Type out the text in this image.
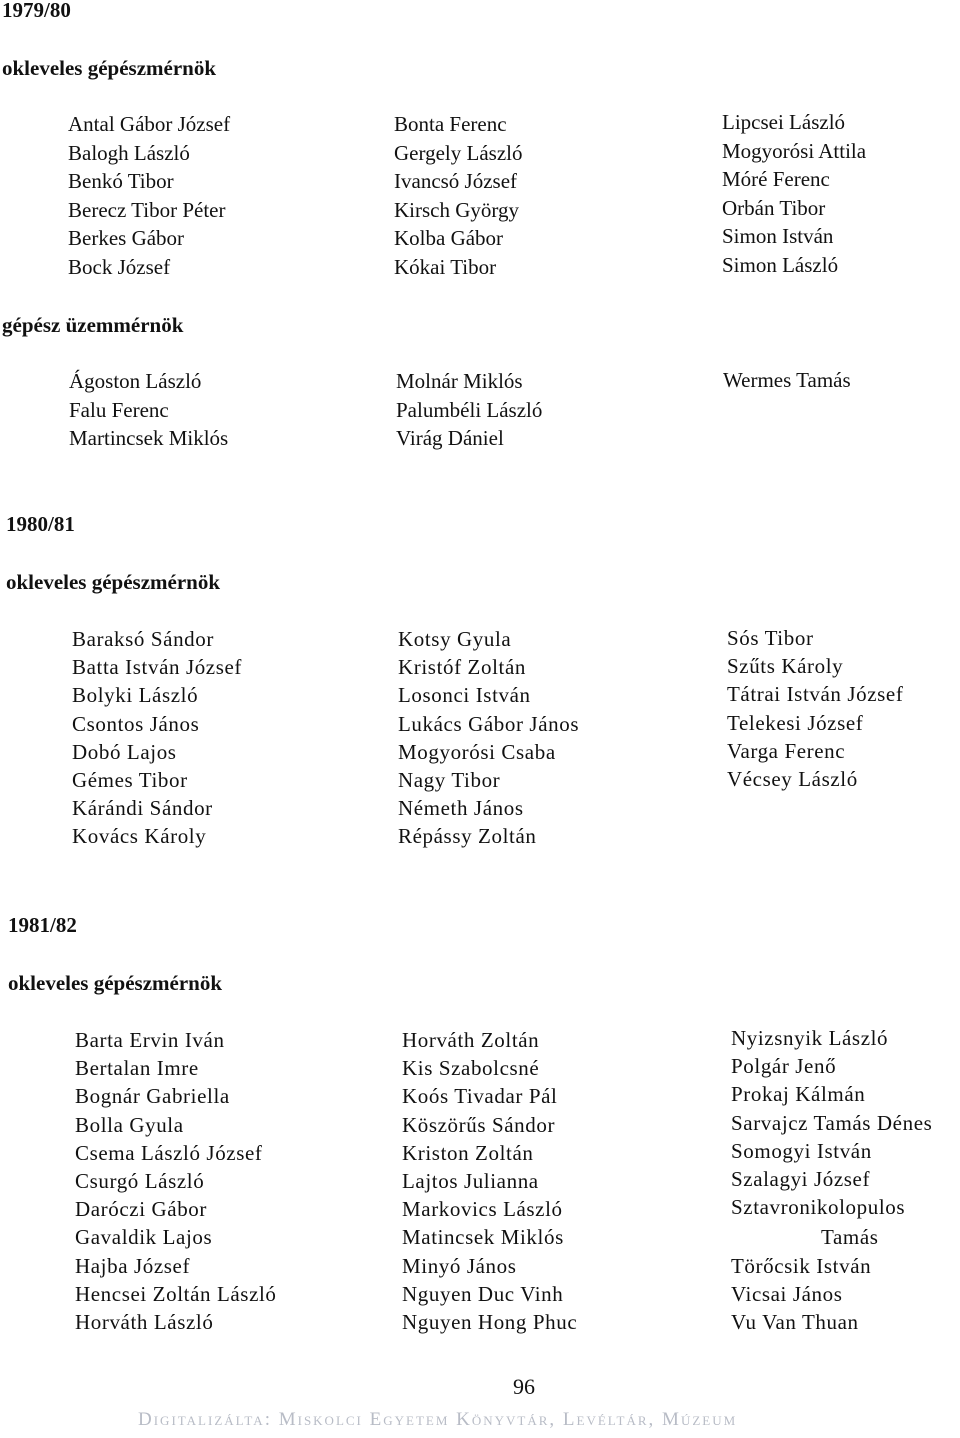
1979/80
okleveles gépészmérnök
Antal Gábor József
Balogh László
Benkó Tibor
Berecz Tibor Péter
Berkes Gábor
Bock József
Bonta Ferenc
Gergely László
Ivancsó József
Kirsch György
Kolba Gábor
Kókai Tibor
Lipcsei László
Mogyorósi Attila
Móré Ferenc
Orbán Tibor
Simon István
Simon László
gépész üzemmérnök
Ágoston László
Falu Ferenc
Martincsek Miklós
Molnár Miklós
Palumbéli László
Virág Dániel
Wermes Tamás
1980/81
okleveles gépészmérnök
Baraksó Sándor
Batta István József
Bolyki László
Csontos János
Dobó Lajos
Gémes Tibor
Kárándi Sándor
Kovács Károly
Kotsy Gyula
Kristóf Zoltán
Losonci István
Lukács Gábor János
Mogyorósi Csaba
Nagy Tibor
Németh János
Répássy Zoltán
Sós Tibor
Szűts Károly
Tátrai István József
Telekesi József
Varga Ferenc
Vécsey László
1981/82
okleveles gépészmérnök
Barta Ervin Iván
Bertalan Imre
Bognár Gabriella
Bolla Gyula
Csema László József
Csurgó László
Daróczi Gábor
Gavaldik Lajos
Hajba József
Hencsei Zoltán László
Horváth László
Horváth Zoltán
Kis Szabolcsné
Koós Tivadar Pál
Köszörűs Sándor
Kriston Zoltán
Lajtos Julianna
Markovics László
Matincsek Miklós
Minyó János
Nguyen Duc Vinh
Nguyen Hong Phuc
Nyizsnyik László
Polgár Jenő
Prokaj Kálmán
Sarvajcz Tamás Dénes
Somogyi István
Szalagyi József
Sztavronikolopulos
Tamás
Törőcsik István
Vicsai János
Vu Van Thuan
96
Digitalizálta: Miskolci Egyetem Könyvtár, Levéltár, Múzeum
